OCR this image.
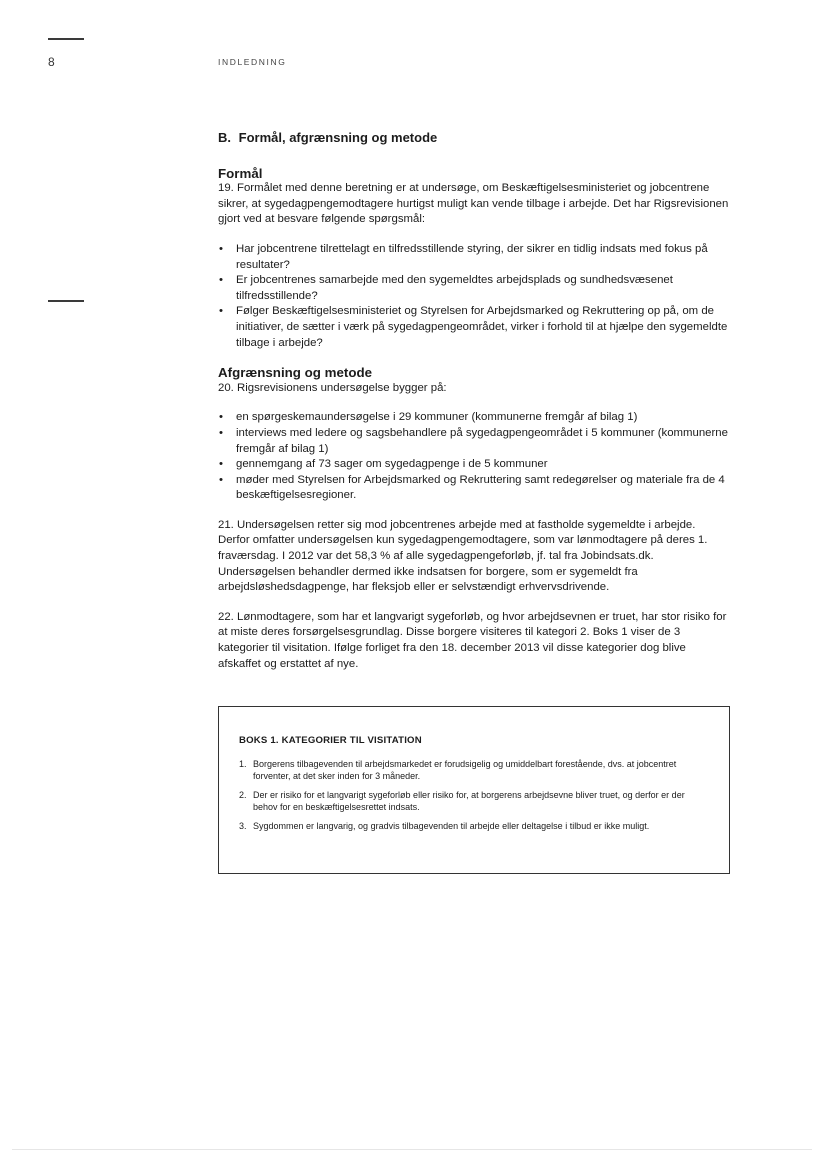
8	INDLEDNING
B. Formål, afgrænsning og metode
Formål

19. Formålet med denne beretning er at undersøge, om Beskæftigelsesministeriet og jobcentrene sikrer, at sygedagpengemodtagere hurtigst muligt kan vende tilbage i arbejde. Det har Rigsrevisionen gjort ved at besvare følgende spørgsmål:

• Har jobcentrene tilrettelagt en tilfredsstillende styring, der sikrer en tidlig indsats med fokus på resultater?
• Er jobcentrenes samarbejde med den sygemeldtes arbejdsplads og sundhedsvæsenet tilfredsstillende?
• Følger Beskæftigelsesministeriet og Styrelsen for Arbejdsmarked og Rekruttering op på, om de initiativer, de sætter i værk på sygedagpengeområdet, virker i forhold til at hjælpe den sygemeldte tilbage i arbejde?
Afgrænsning og metode

20. Rigsrevisionens undersøgelse bygger på:

• en spørgeskemaundersøgelse i 29 kommuner (kommunerne fremgår af bilag 1)
• interviews med ledere og sagsbehandlere på sygedagpengeområdet i 5 kommuner (kommunerne fremgår af bilag 1)
• gennemgang af 73 sager om sygedagpenge i de 5 kommuner
• møder med Styrelsen for Arbejdsmarked og Rekruttering samt redegørelser og materiale fra de 4 beskæftigelsesregioner.

21. Undersøgelsen retter sig mod jobcentrenes arbejde med at fastholde sygemeldte i arbejde. Derfor omfatter undersøgelsen kun sygedagpengemodtagere, som var lønmodtagere på deres 1. fraværsdag. I 2012 var det 58,3 % af alle sygedagpengeforløb, jf. tal fra Jobindsats.dk. Undersøgelsen behandler dermed ikke indsatsen for borgere, som er sygemeldt fra arbejdsløshedsdagpenge, har fleksjob eller er selvstændigt erhvervsdrivende.

22. Lønmodtagere, som har et langvarigt sygeforløb, og hvor arbejdsevnen er truet, har stor risiko for at miste deres forsørgelsesgrundlag. Disse borgere visiteres til kategori 2. Boks 1 viser de 3 kategorier til visitation. Ifølge forliget fra den 18. december 2013 vil disse kategorier dog blive afskaffet og erstattet af nye.

BOKS 1. KATEGORIER TIL VISITATION
1. Borgerens tilbagevenden til arbejdsmarkedet er forudsigelig og umiddelbart forestående, dvs. at jobcentret forventer, at det sker inden for 3 måneder.
2. Der er risiko for et langvarigt sygeforløb eller risiko for, at borgerens arbejdsevne bliver truet, og derfor er der behov for en beskæftigelsesrettet indsats.
3. Sygdommen er langvarig, og gradvis tilbagevenden til arbejde eller deltagelse i tilbud er ikke muligt.
